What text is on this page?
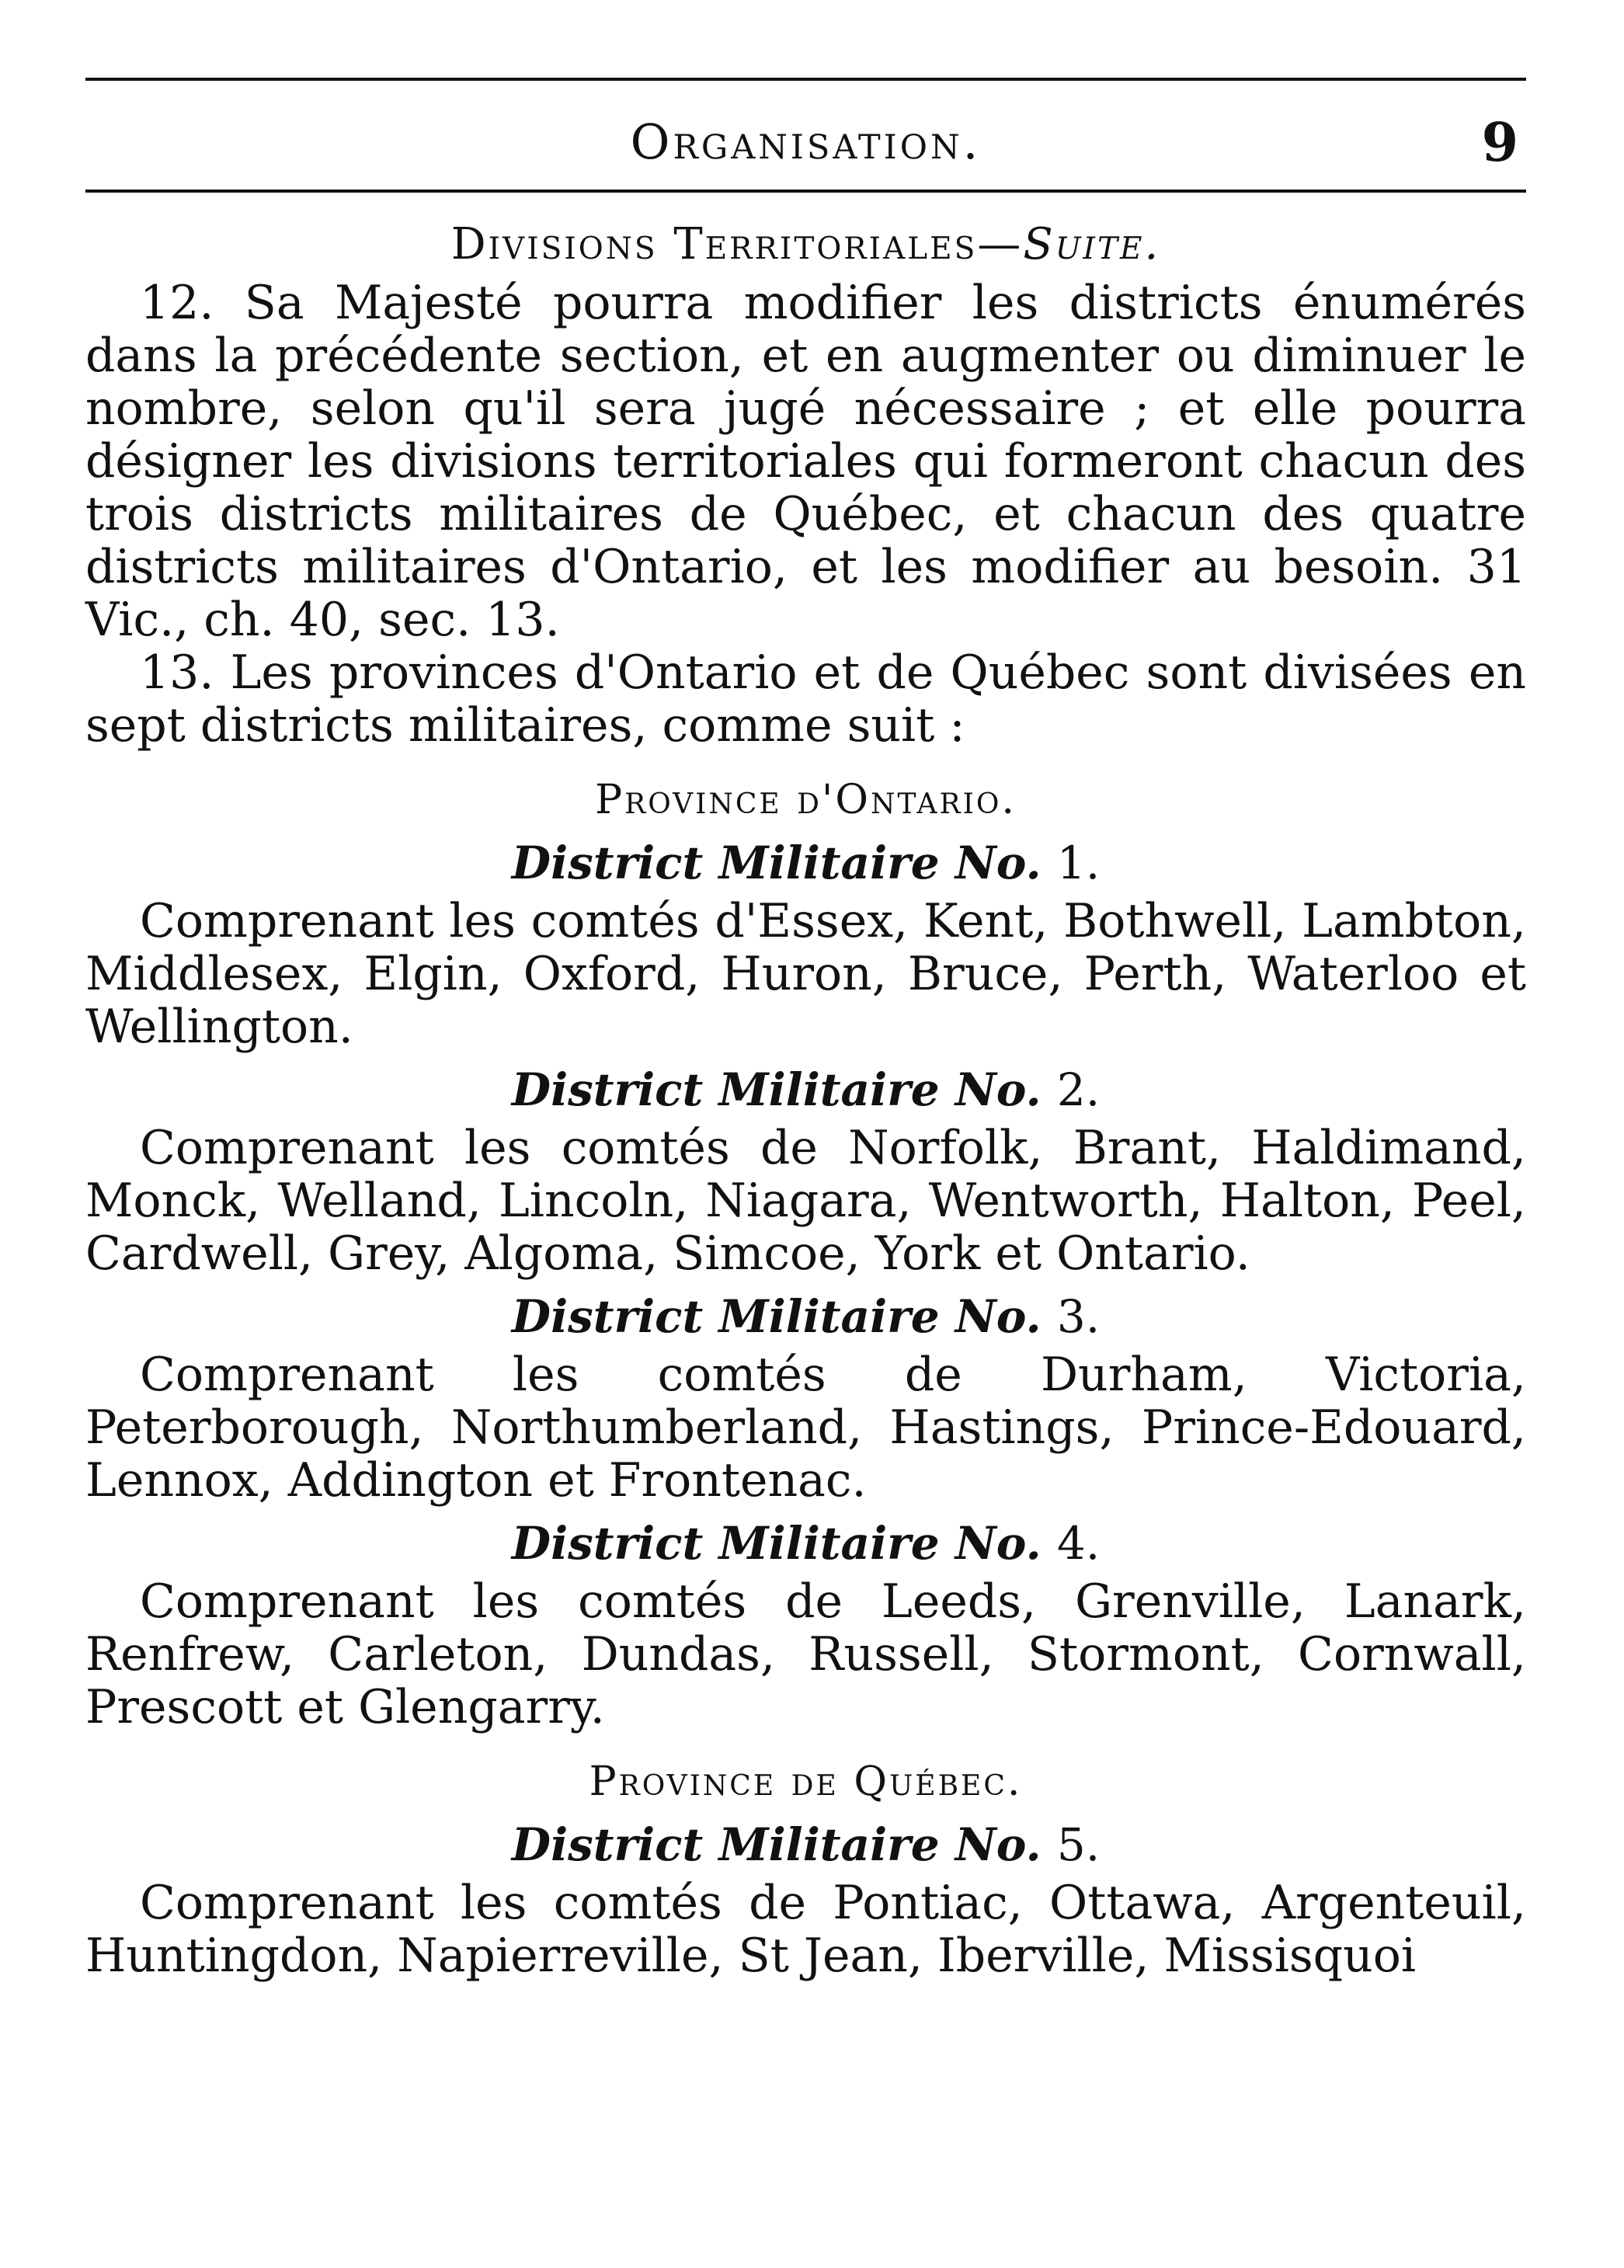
Organisation.	9
Divisions Territoriales—Suite.

12. Sa Majesté pourra modifier les districts énumérés dans la précédente section, et en augmenter ou diminuer le nombre, selon qu'il sera jugé nécessaire ; et elle pourra désigner les divisions territoriales qui formeront chacun des trois districts militaires de Québec, et chacun des quatre districts militaires d'Ontario, et les modifier au besoin. 31 Vic., ch. 40, sec. 13.

13. Les provinces d'Ontario et de Québec sont divisées en sept districts militaires, comme suit :

Province d'Ontario.
District Militaire No. 1.

Comprenant les comtés d'Essex, Kent, Bothwell, Lambton, Middlesex, Elgin, Oxford, Huron, Bruce, Perth, Waterloo et Wellington.

District Militaire No. 2.

Comprenant les comtés de Norfolk, Brant, Haldimand, Monck, Welland, Lincoln, Niagara, Wentworth, Halton, Peel, Cardwell, Grey, Algoma, Simcoe, York et Ontario.

District Militaire No. 3.

Comprenant les comtés de Durham, Victoria, Peterborough, Northumberland, Hastings, Prince-Edouard, Lennox, Addington et Frontenac.

District Militaire No. 4.

Comprenant les comtés de Leeds, Grenville, Lanark, Renfrew, Carleton, Dundas, Russell, Stormont, Cornwall, Prescott et Glengarry.

Province de Québec.
District Militaire No. 5.

Comprenant les comtés de Pontiac, Ottawa, Argenteuil, Huntingdon, Napierreville, St Jean, Iberville, Missisquoi
